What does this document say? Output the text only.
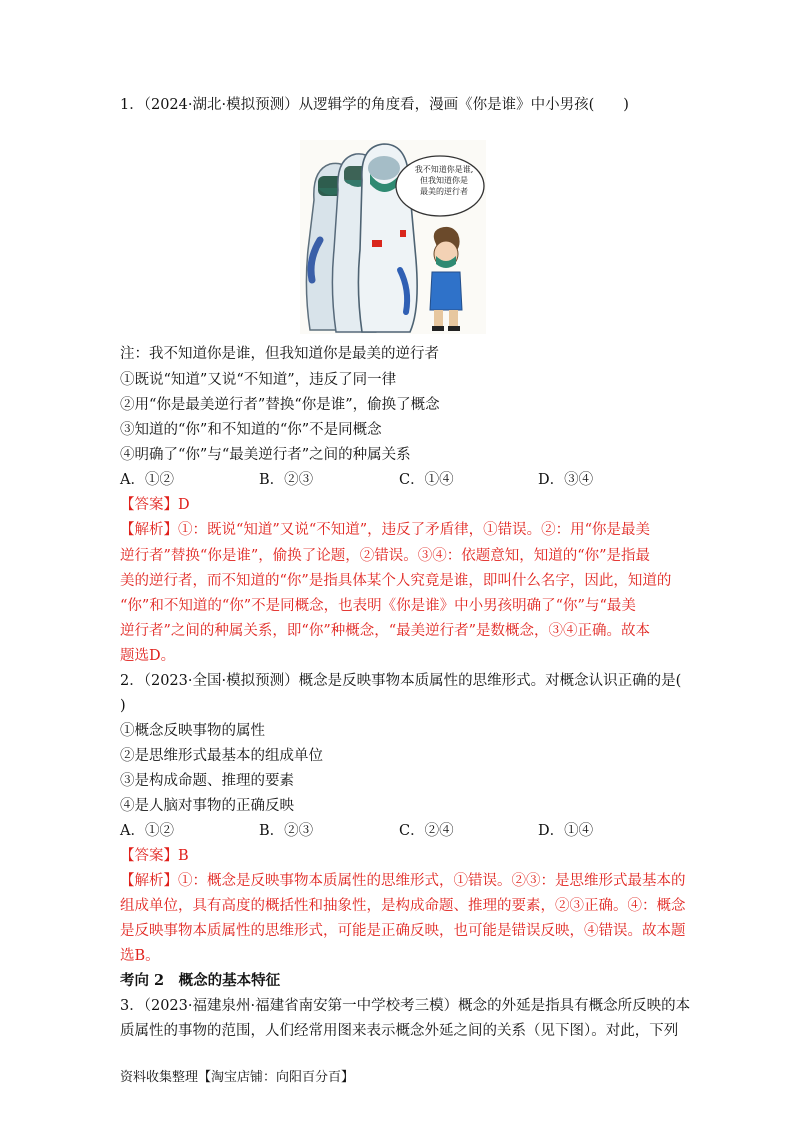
1．（2024·湖北·模拟预测）从逻辑学的角度看，漫画《你是谁》中小男孩(　　)
我不知道你是谁,
但我知道你是
最美的逆行者
注：我不知道你是谁，但我知道你是最美的逆行者
①既说“知道”又说“不知道”，违反了同一律
②用“你是最美逆行者”替换“你是谁”，偷换了概念
③知道的“你”和不知道的“你”不是同概念
④明确了“你”与“最美逆行者”之间的种属关系
A．①②	B．②③	C．①④	D．③④
【答案】D
【解析】①：既说“知道”又说“不知道”，违反了矛盾律，①错误。②：用“你是最美
逆行者”替换“你是谁”，偷换了论题，②错误。③④：依题意知，知道的“你”是指最
美的逆行者，而不知道的“你”是指具体某个人究竟是谁，即叫什么名字，因此，知道的
“你”和不知道的“你”不是同概念，也表明《你是谁》中小男孩明确了“你”与“最美
逆行者”之间的种属关系，即“你”种概念，“最美逆行者”是数概念，③④正确。故本
题选D。
2．（2023·全国·模拟预测）概念是反映事物本质属性的思维形式。对概念认识正确的是(
)
①概念反映事物的属性
②是思维形式最基本的组成单位
③是构成命题、推理的要素
④是人脑对事物的正确反映
A．①②	B．②③	C．②④	D．①④
【答案】B
【解析】①：概念是反映事物本质属性的思维形式，①错误。②③：是思维形式最基本的
组成单位，具有高度的概括性和抽象性，是构成命题、推理的要素，②③正确。④：概念
是反映事物本质属性的思维形式，可能是正确反映，也可能是错误反映，④错误。故本题
选B。
考向 2　概念的基本特征
3．（2023·福建泉州·福建省南安第一中学校考三模）概念的外延是指具有概念所反映的本
质属性的事物的范围，人们经常用图来表示概念外延之间的关系（见下图）。对此，下列
资料收集整理【淘宝店铺：向阳百分百】
